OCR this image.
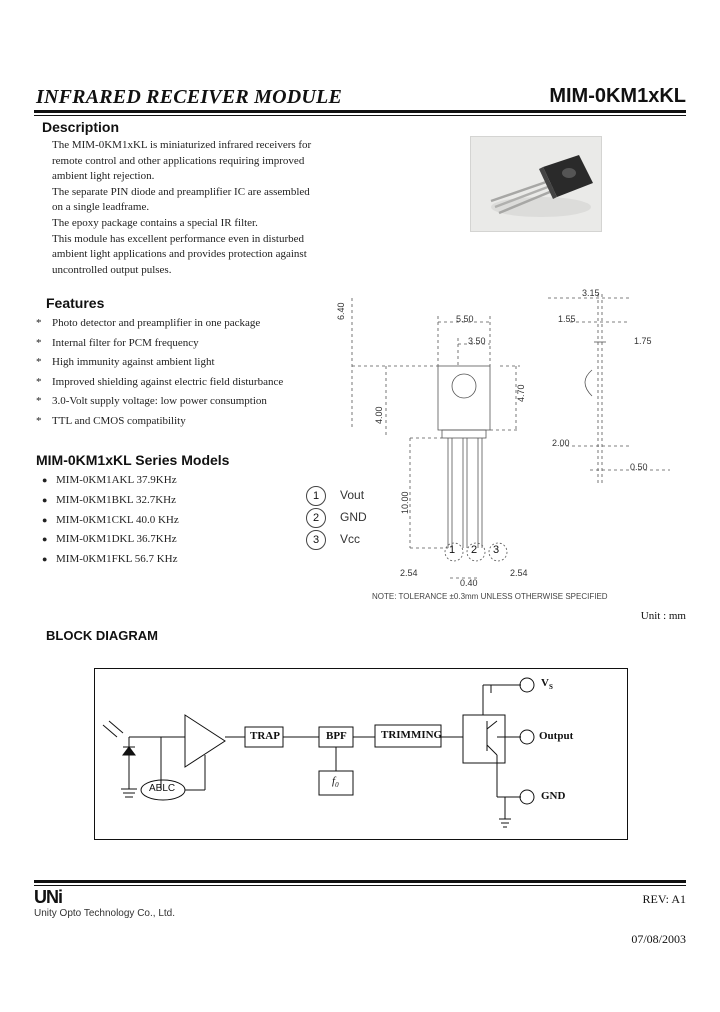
INFRARED RECEIVER MODULE	MIM-0KM1xKL
Description
The MIM-0KM1xKL is miniaturized infrared receivers for
remote control and other applications requiring improved
ambient light rejection.
The separate PIN diode and preamplifier IC are assembled
on a single leadframe.
The epoxy package contains a special IR filter.
This module has excellent performance even in disturbed
ambient light applications and provides protection against
uncontrolled output pulses.
Features
* Photo detector and preamplifier in one package
* Internal filter for PCM frequency
* High immunity against ambient light
* Improved shielding against electric field disturbance
* 3.0-Volt supply voltage: low power consumption
* TTL and CMOS compatibility
MIM-0KM1xKL Series Models
● MIM-0KM1AKL 37.9KHz
● MIM-0KM1BKL 32.7KHz
● MIM-0KM1CKL 40.0 KHz
● MIM-0KM1DKL 36.7KHz
● MIM-0KM1FKL 56.7 KHz
3.15
1.55
5.50
3.50	1.75
2.00
0.50
6.40
4.70
4.00
10.00
2.54	2.54
0.40
1	Vout
2	GND
3	Vcc
1 2 3
NOTE: TOLERANCE ±0.3mm UNLESS OTHERWISE SPECIFIED
Unit : mm
BLOCK DIAGRAM
ABLC
TRAP	BPF	TRIMMING
$f_0$
$V_S$
Output
GND
UNi
Unity Opto Technology Co., Ltd.
REV: A1
07/08/2003
